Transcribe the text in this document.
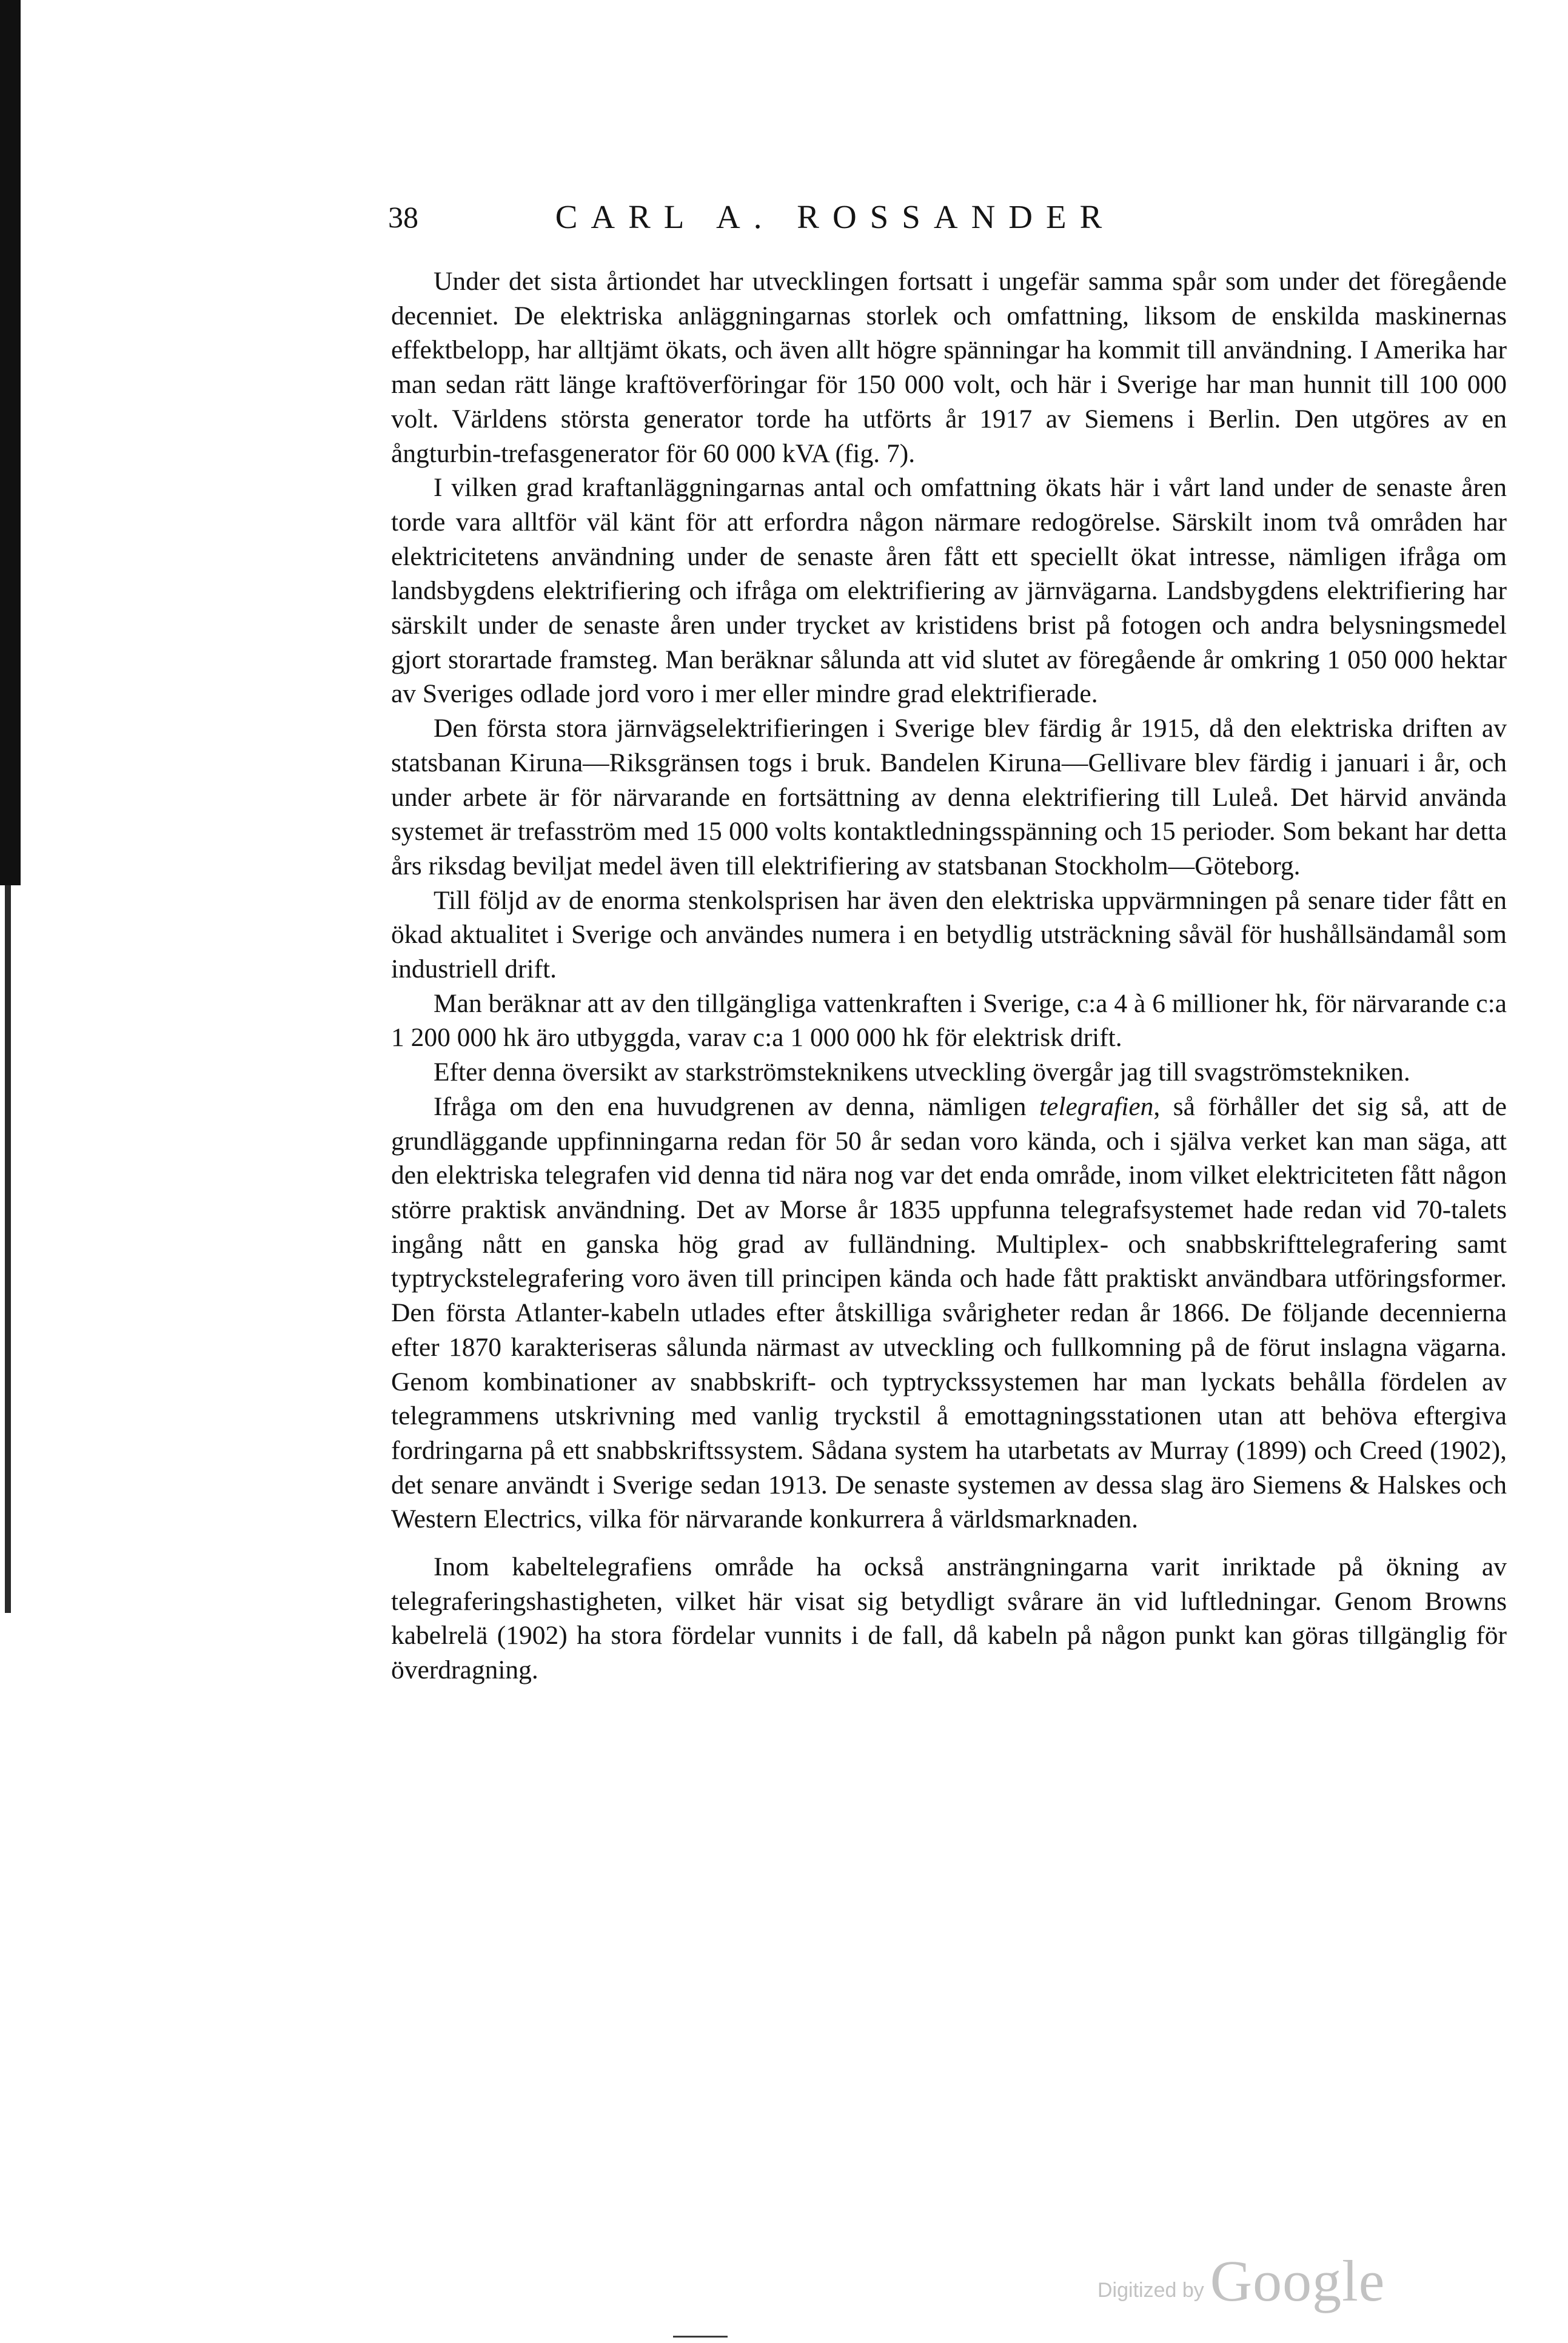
38	CARL A. ROSSANDER

Under det sista årtiondet har utvecklingen fortsatt i ungefär samma spår som under det föregående decenniet. De elektriska anläggningarnas storlek och omfattning, liksom de enskilda maskinernas effektbelopp, har alltjämt ökats, och även allt högre spänningar ha kommit till användning. I Amerika har man sedan rätt länge kraftöverföringar för 150 000 volt, och här i Sverige har man hunnit till 100 000 volt. Världens största generator torde ha utförts år 1917 av Siemens i Berlin. Den utgöres av en ångturbin-trefasgenerator för 60 000 kVA (fig. 7).

I vilken grad kraftanläggningarnas antal och omfattning ökats här i vårt land under de senaste åren torde vara alltför väl känt för att erfordra någon närmare redogörelse. Särskilt inom två områden har elektricitetens användning under de senaste åren fått ett speciellt ökat intresse, nämligen ifråga om landsbygdens elektrifiering och ifråga om elektrifiering av järnvägarna. Landsbygdens elektrifiering har särskilt under de senaste åren under trycket av kristidens brist på fotogen och andra belysningsmedel gjort storartade framsteg. Man beräknar sålunda att vid slutet av föregående år omkring 1 050 000 hektar av Sveriges odlade jord voro i mer eller mindre grad elektrifierade.

Den första stora järnvägselektrifieringen i Sverige blev färdig år 1915, då den elektriska driften av statsbanan Kiruna—Riksgränsen togs i bruk. Bandelen Kiruna—Gellivare blev färdig i januari i år, och under arbete är för närvarande en fortsättning av denna elektrifiering till Luleå. Det härvid använda systemet är trefasström med 15 000 volts kontaktledningsspänning och 15 perioder. Som bekant har detta års riksdag beviljat medel även till elektrifiering av statsbanan Stockholm—Göteborg.

Till följd av de enorma stenkolsprisen har även den elektriska uppvärmningen på senare tider fått en ökad aktualitet i Sverige och användes numera i en betydlig utsträckning såväl för hushållsändamål som industriell drift.

Man beräknar att av den tillgängliga vattenkraften i Sverige, c:a 4 à 6 millioner hk, för närvarande c:a 1 200 000 hk äro utbyggda, varav c:a 1 000 000 hk för elektrisk drift.

Efter denna översikt av starkströmsteknikens utveckling övergår jag till svagströmstekniken.

Ifråga om den ena huvudgrenen av denna, nämligen telegrafien, så förhåller det sig så, att de grundläggande uppfinningarna redan för 50 år sedan voro kända, och i själva verket kan man säga, att den elektriska telegrafen vid denna tid nära nog var det enda område, inom vilket elektriciteten fått någon större praktisk användning. Det av Morse år 1835 uppfunna telegrafsystemet hade redan vid 70-talets ingång nått en ganska hög grad av fulländning. Multiplex- och snabbskrifttelegrafering samt typtryckstelegrafering voro även till principen kända och hade fått praktiskt användbara utföringsformer. Den första Atlanter-kabeln utlades efter åtskilliga svårigheter redan år 1866. De följande decennierna efter 1870 karakteriseras sålunda närmast av utveckling och fullkomning på de förut inslagna vägarna. Genom kombinationer av snabbskrift- och typtryckssystemen har man lyckats behålla fördelen av telegrammens utskrivning med vanlig tryckstil å emottagningsstationen utan att behöva eftergiva fordringarna på ett snabbskriftssystem. Sådana system ha utarbetats av Murray (1899) och Creed (1902), det senare användt i Sverige sedan 1913. De senaste systemen av dessa slag äro Siemens & Halskes och Western Electrics, vilka för närvarande konkurrera å världsmarknaden.

Inom kabeltelegrafiens område ha också ansträngningarna varit inriktade på ökning av telegraferingshastigheten, vilket här visat sig betydligt svårare än vid luftledningar. Genom Browns kabelrelä (1902) ha stora fördelar vunnits i de fall, då kabeln på någon punkt kan göras tillgänglig för överdragning.

Digitized by Google
